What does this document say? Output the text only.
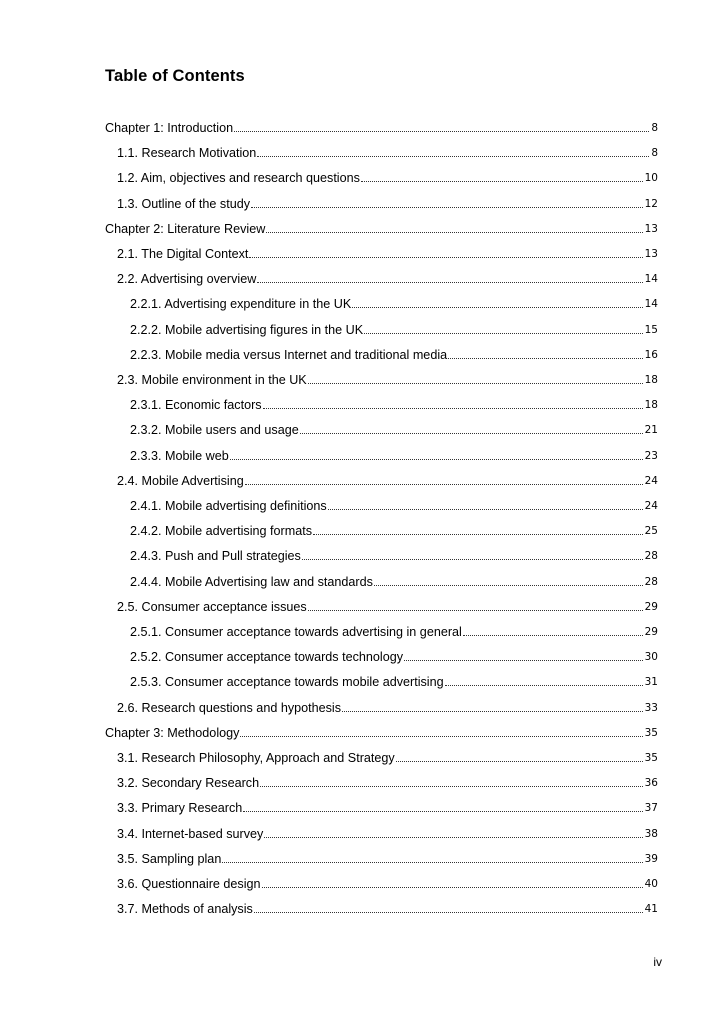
Table of Contents
Chapter 1: Introduction	8
1.1. Research Motivation	8
1.2. Aim, objectives and research questions	10
1.3. Outline of the study	12
Chapter 2: Literature Review	13
2.1. The Digital Context	13
2.2. Advertising overview	14
2.2.1. Advertising expenditure in the UK	14
2.2.2. Mobile advertising figures in the UK	15
2.2.3. Mobile media versus Internet and traditional media	16
2.3. Mobile environment in the UK	18
2.3.1. Economic factors	18
2.3.2. Mobile users and usage	21
2.3.3. Mobile web	23
2.4. Mobile Advertising	24
2.4.1. Mobile advertising definitions	24
2.4.2. Mobile advertising formats	25
2.4.3. Push and Pull strategies	28
2.4.4. Mobile Advertising law and standards	28
2.5. Consumer acceptance issues	29
2.5.1. Consumer acceptance towards advertising in general	29
2.5.2. Consumer acceptance towards technology	30
2.5.3. Consumer acceptance towards mobile advertising	31
2.6. Research questions and hypothesis	33
Chapter 3: Methodology	35
3.1. Research Philosophy, Approach and Strategy	35
3.2. Secondary Research	36
3.3. Primary Research	37
3.4. Internet-based survey	38
3.5. Sampling plan	39
3.6. Questionnaire design	40
3.7. Methods of analysis	41
iv
